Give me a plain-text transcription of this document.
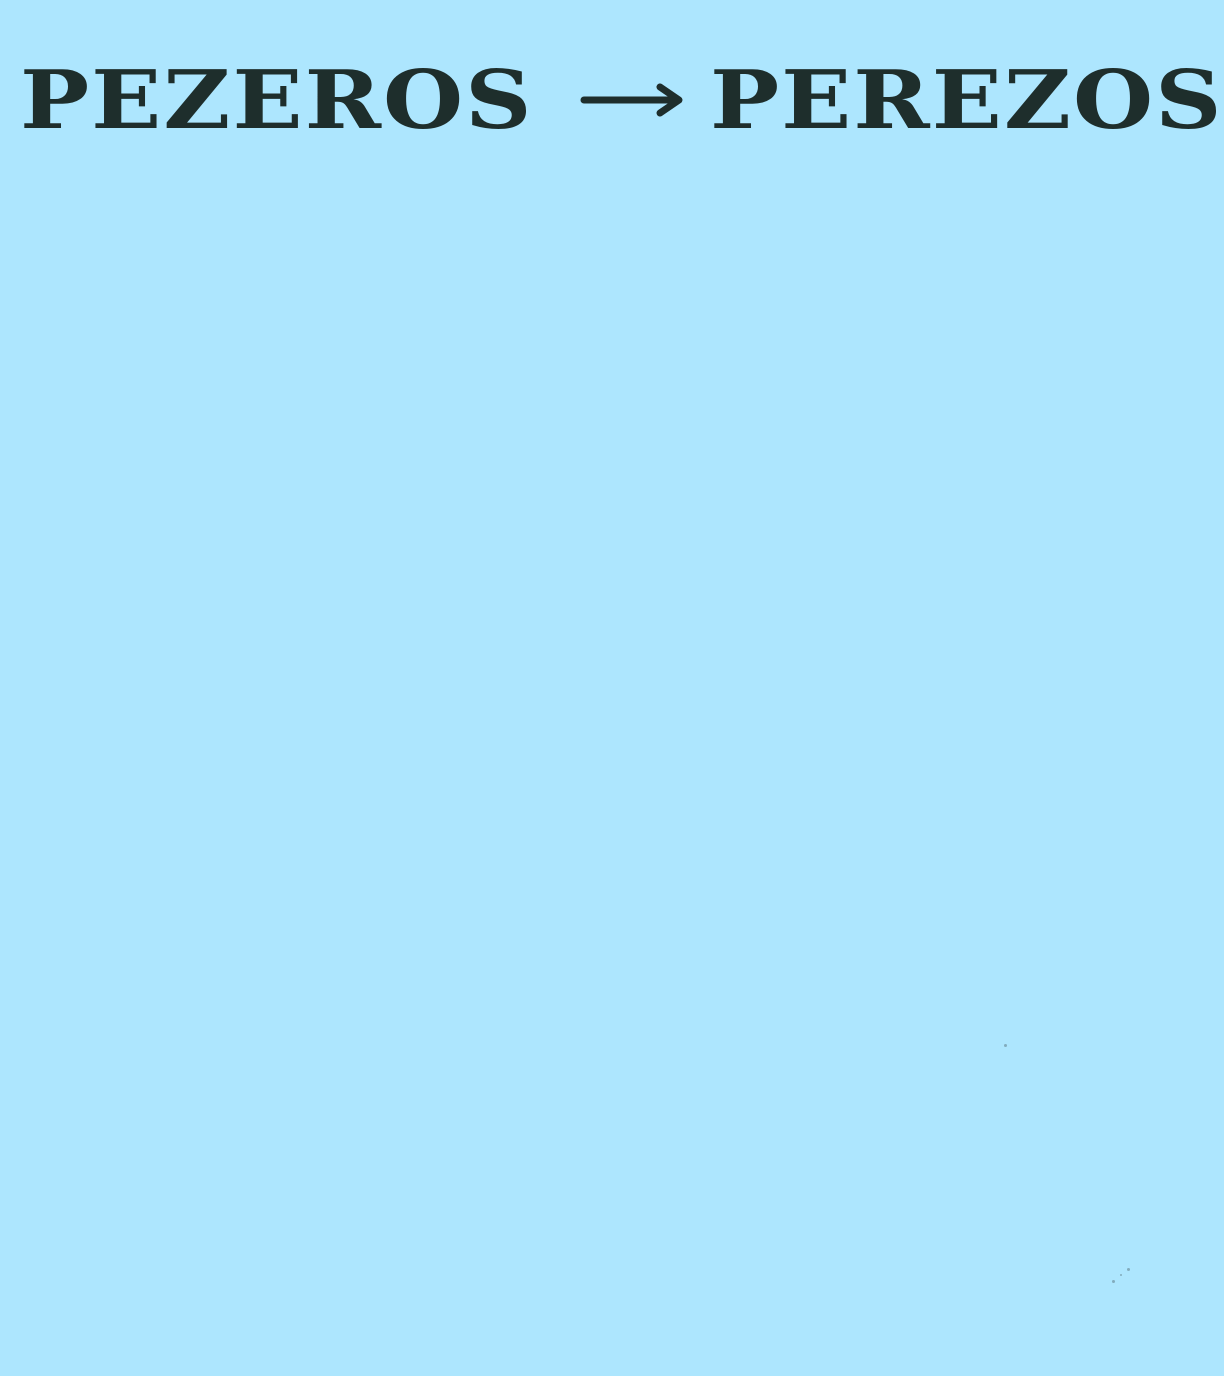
PEZEROS PEREZOS
